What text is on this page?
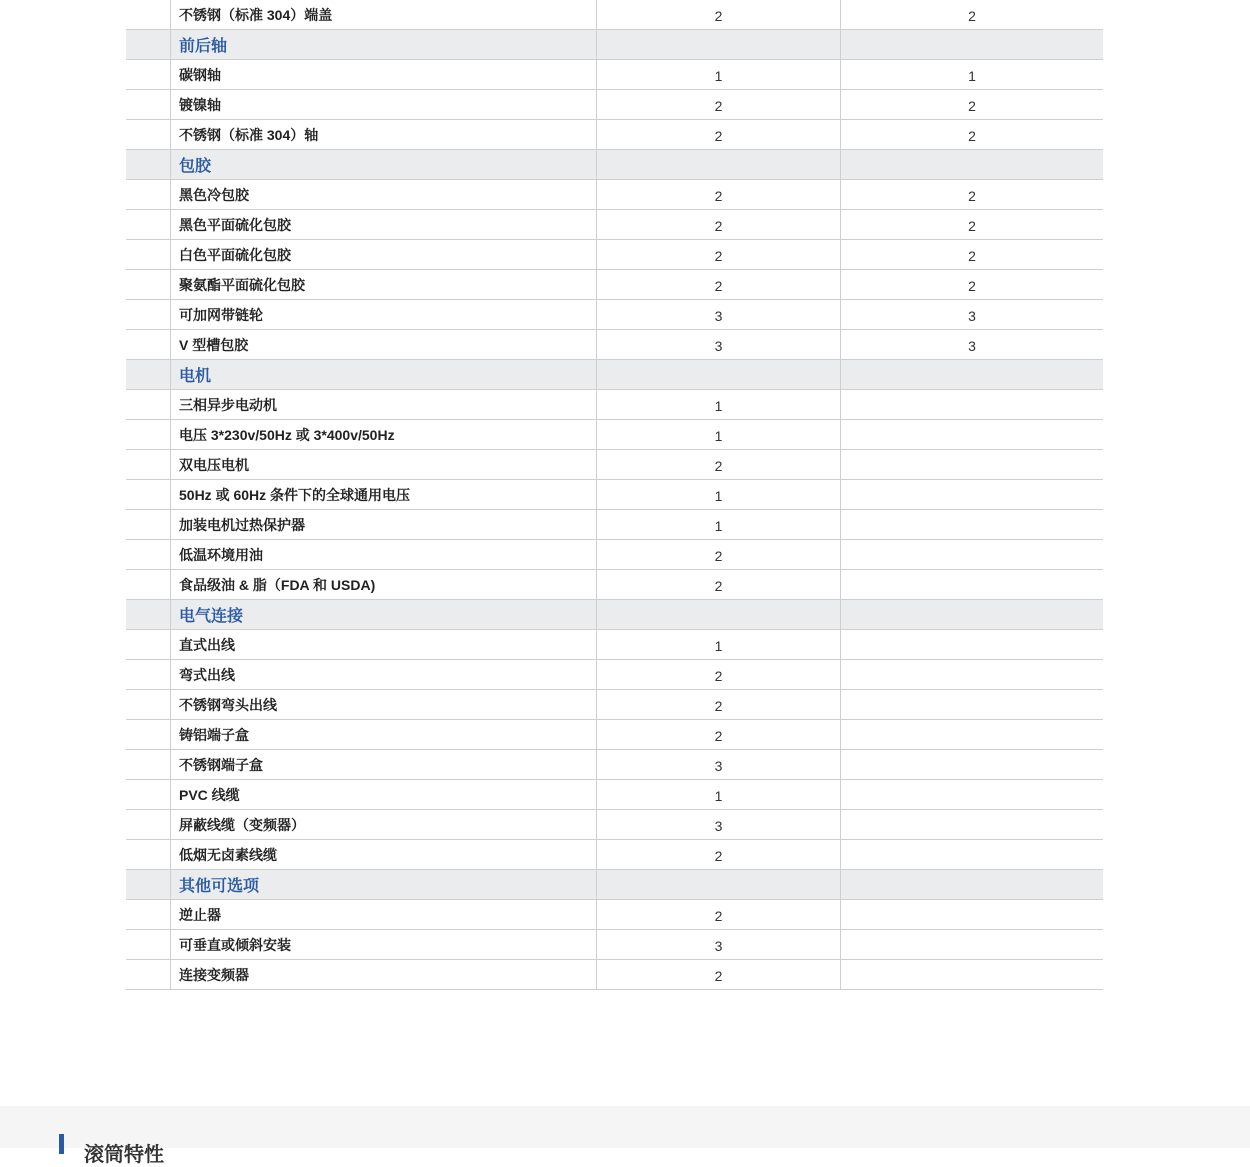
不锈钢（标准 304）端盖	2	2
前后轴
碳钢轴	1	1
镀镍轴	2	2
不锈钢（标准 304）轴	2	2
包胶
黑色冷包胶	2	2
黑色平面硫化包胶	2	2
白色平面硫化包胶	2	2
聚氨酯平面硫化包胶	2	2
可加网带链轮	3	3
V 型槽包胶	3	3
电机
三相异步电动机	1
电压 3*230v/50Hz 或 3*400v/50Hz	1
双电压电机	2
50Hz 或 60Hz 条件下的全球通用电压	1
加装电机过热保护器	1
低温环境用油	2
食品级油 & 脂（FDA 和 USDA)	2
电气连接
直式出线	1
弯式出线	2
不锈钢弯头出线	2
铸铝端子盒	2
不锈钢端子盒	3
PVC 线缆	1
屏蔽线缆（变频器）	3
低烟无卤素线缆	2
其他可选项
逆止器	2
可垂直或倾斜安装	3
连接变频器	2
滚筒特性
